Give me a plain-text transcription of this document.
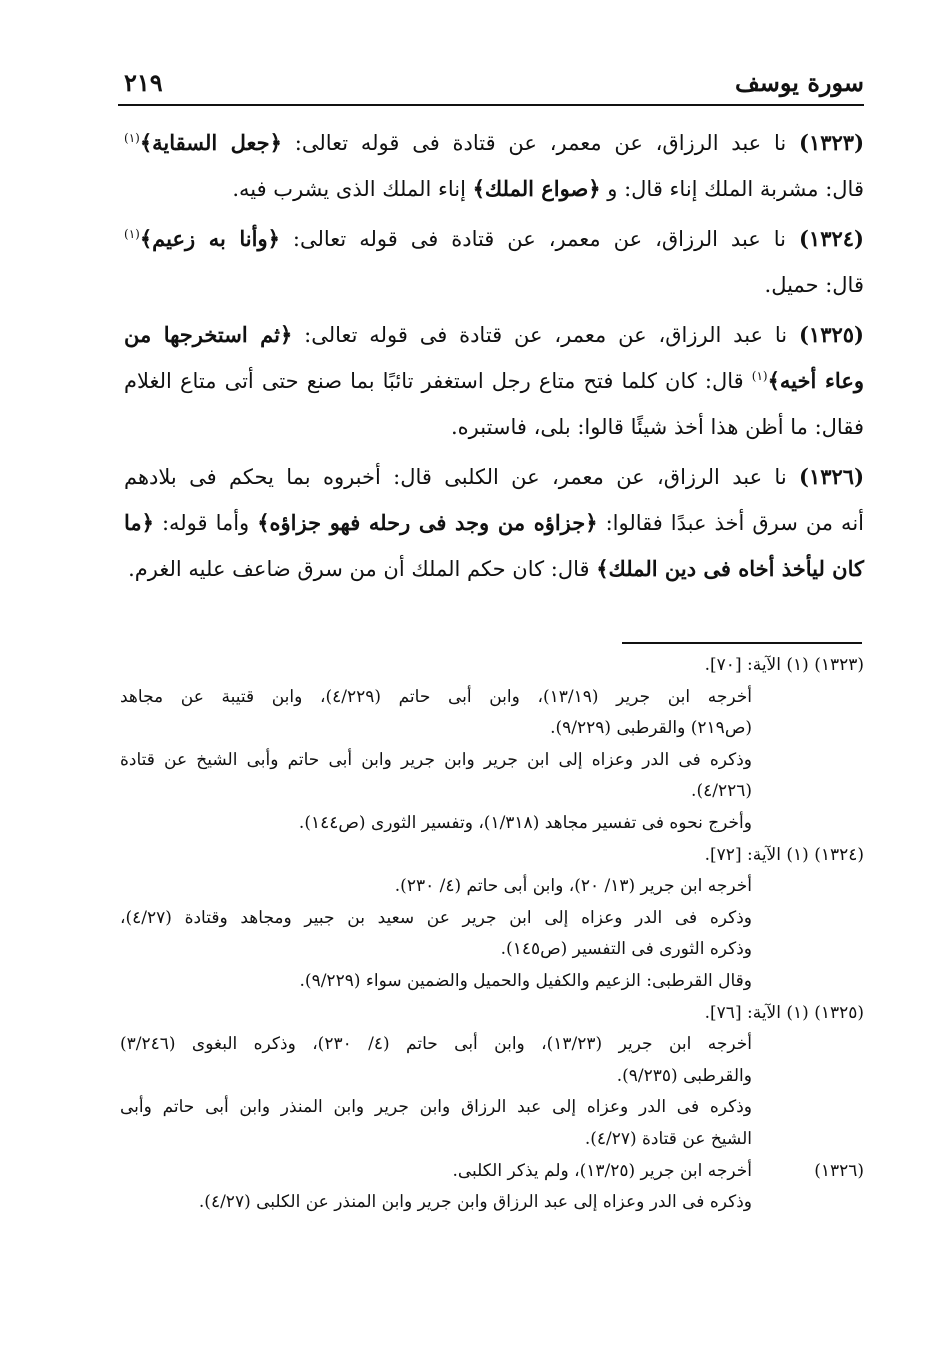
سورة يوسف
٢١٩

(١٣٢٣) نا عبد الرزاق، عن معمر، عن قتادة فى قوله تعالى: ﴿جعل السقاية﴾$^{(١)}$
قال: مشربة الملك إناء قال: و ﴿صواع الملك﴾ إناء الملك الذى يشرب فيه.

(١٣٢٤) نا عبد الرزاق، عن معمر، عن قتادة فى قوله تعالى: ﴿وأنا به زعيم﴾$^{(١)}$
قال: حميل.

(١٣٢٥) نا عبد الرزاق، عن معمر، عن قتادة فى قوله تعالى: ﴿ثم استخرجها من
وعاء أخيه﴾$^{(١)}$ قال: كان كلما فتح متاع رجل استغفر تائبًا بما صنع حتى أتى متاع الغلام
فقال: ما أظن هذا أخذ شيئًا قالوا: بلى، فاستبره.

(١٣٢٦) نا عبد الرزاق، عن معمر، عن الكلبى قال: أخبروه بما يحكم فى بلادهم
أنه من سرق أخذ عبدًا فقالوا: ﴿جزاؤه من وجد فى رحله فهو جزاؤه﴾ وأما قوله: ﴿ما
كان ليأخذ أخاه فى دين الملك﴾ قال: كان حكم الملك أن من سرق ضاعف عليه الغرم.

(١٣٢٣) (١) الآية: [٧٠].
أخرجه ابن جرير (١٣/١٩)، وابن أبى حاتم (٤/٢٢٩)، وابن قتيبة عن مجاهد
(ص٢١٩) والقرطبى (٩/٢٢٩).
وذكره فى الدر وعزاه إلى ابن جرير وابن جرير وابن أبى حاتم وأبى الشيخ عن قتادة
(٤/٢٢٦).
وأخرج نحوه فى تفسير مجاهد (١/٣١٨)، وتفسير الثورى (ص١٤٤).
(١٣٢٤) (١) الآية: [٧٢].
أخرجه ابن جرير (١٣/ ٢٠)، وابن أبى حاتم (٤/ ٢٣٠).
وذكره فى الدر وعزاه إلى ابن جرير عن سعيد بن جبير ومجاهد وقتادة (٤/٢٧)،
وذكره الثورى فى التفسير (ص١٤٥).
وقال القرطبى: الزعيم والكفيل والحميل والضمين سواء (٩/٢٢٩).
(١٣٢٥) (١) الآية: [٧٦].
أخرجه ابن جرير (١٣/٢٣)، وابن أبى حاتم (٤/ ٢٣٠)، وذكره البغوى (٣/٢٤٦)
والقرطبى (٩/٢٣٥).
وذكره فى الدر وعزاه إلى عبد الرزاق وابن جرير وابن المنذر وابن أبى حاتم وأبى
الشيخ عن قتادة (٤/٢٧).
(١٣٢٦)أخرجه ابن جرير (١٣/٢٥)، ولم يذكر الكلبى.
وذكره فى الدر وعزاه إلى عبد الرزاق وابن جرير وابن المنذر عن الكلبى (٤/٢٧).
